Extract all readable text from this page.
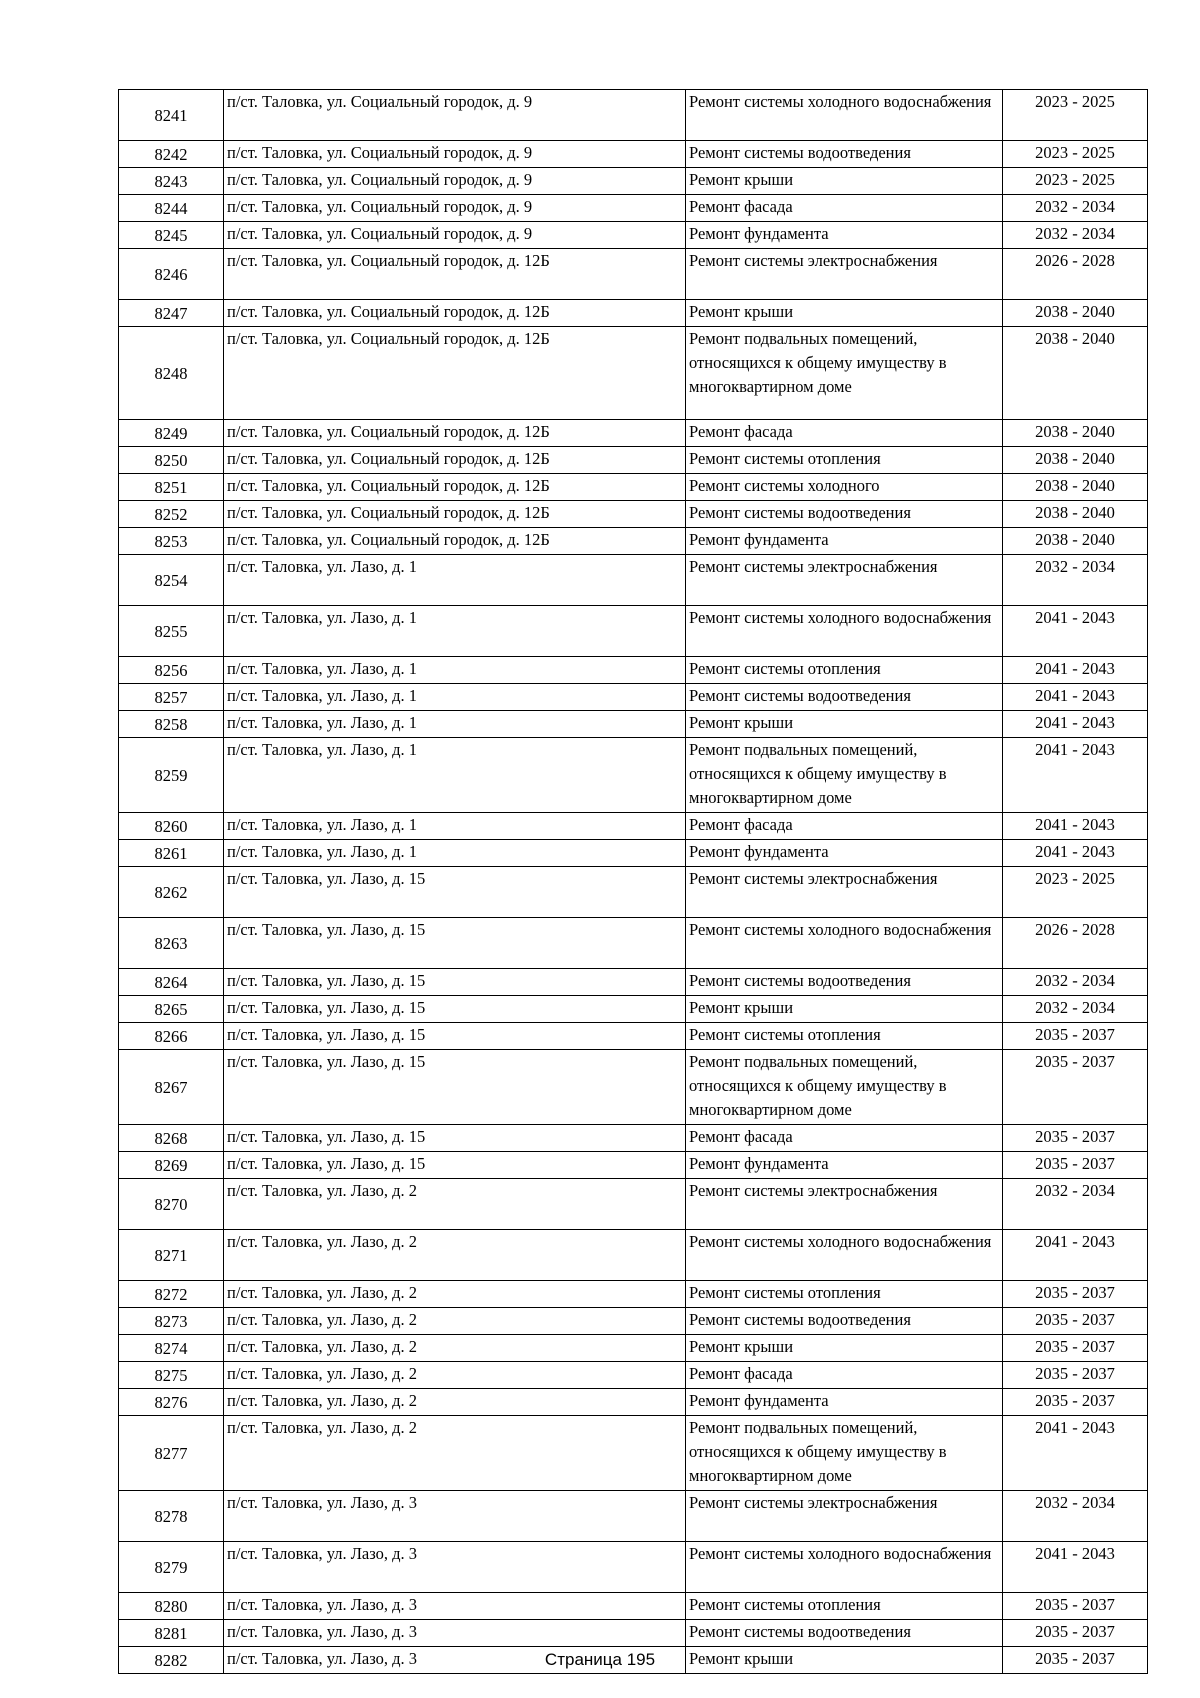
8241	п/ст. Таловка, ул. Социальный городок, д. 9	Ремонт системы холодного водоснабжения	2023 - 2025
8242	п/ст. Таловка, ул. Социальный городок, д. 9	Ремонт системы водоотведения	2023 - 2025
8243	п/ст. Таловка, ул. Социальный городок, д. 9	Ремонт крыши	2023 - 2025
8244	п/ст. Таловка, ул. Социальный городок, д. 9	Ремонт фасада	2032 - 2034
8245	п/ст. Таловка, ул. Социальный городок, д. 9	Ремонт фундамента	2032 - 2034
8246	п/ст. Таловка, ул. Социальный городок, д. 12Б	Ремонт системы электроснабжения	2026 - 2028
8247	п/ст. Таловка, ул. Социальный городок, д. 12Б	Ремонт крыши	2038 - 2040
8248	п/ст. Таловка, ул. Социальный городок, д. 12Б	Ремонт подвальных помещений, относящихся к общему имуществу в многоквартирном доме	2038 - 2040
8249	п/ст. Таловка, ул. Социальный городок, д. 12Б	Ремонт фасада	2038 - 2040
8250	п/ст. Таловка, ул. Социальный городок, д. 12Б	Ремонт системы отопления	2038 - 2040
8251	п/ст. Таловка, ул. Социальный городок, д. 12Б	Ремонт системы холодного	2038 - 2040
8252	п/ст. Таловка, ул. Социальный городок, д. 12Б	Ремонт системы водоотведения	2038 - 2040
8253	п/ст. Таловка, ул. Социальный городок, д. 12Б	Ремонт фундамента	2038 - 2040
8254	п/ст. Таловка, ул. Лазо, д. 1	Ремонт системы электроснабжения	2032 - 2034
8255	п/ст. Таловка, ул. Лазо, д. 1	Ремонт системы холодного водоснабжения	2041 - 2043
8256	п/ст. Таловка, ул. Лазо, д. 1	Ремонт системы отопления	2041 - 2043
8257	п/ст. Таловка, ул. Лазо, д. 1	Ремонт системы водоотведения	2041 - 2043
8258	п/ст. Таловка, ул. Лазо, д. 1	Ремонт крыши	2041 - 2043
8259	п/ст. Таловка, ул. Лазо, д. 1	Ремонт подвальных помещений, относящихся к общему имуществу в многоквартирном доме	2041 - 2043
8260	п/ст. Таловка, ул. Лазо, д. 1	Ремонт фасада	2041 - 2043
8261	п/ст. Таловка, ул. Лазо, д. 1	Ремонт фундамента	2041 - 2043
8262	п/ст. Таловка, ул. Лазо, д. 15	Ремонт системы электроснабжения	2023 - 2025
8263	п/ст. Таловка, ул. Лазо, д. 15	Ремонт системы холодного водоснабжения	2026 - 2028
8264	п/ст. Таловка, ул. Лазо, д. 15	Ремонт системы водоотведения	2032 - 2034
8265	п/ст. Таловка, ул. Лазо, д. 15	Ремонт крыши	2032 - 2034
8266	п/ст. Таловка, ул. Лазо, д. 15	Ремонт системы отопления	2035 - 2037
8267	п/ст. Таловка, ул. Лазо, д. 15	Ремонт подвальных помещений, относящихся к общему имуществу в многоквартирном доме	2035 - 2037
8268	п/ст. Таловка, ул. Лазо, д. 15	Ремонт фасада	2035 - 2037
8269	п/ст. Таловка, ул. Лазо, д. 15	Ремонт фундамента	2035 - 2037
8270	п/ст. Таловка, ул. Лазо, д. 2	Ремонт системы электроснабжения	2032 - 2034
8271	п/ст. Таловка, ул. Лазо, д. 2	Ремонт системы холодного водоснабжения	2041 - 2043
8272	п/ст. Таловка, ул. Лазо, д. 2	Ремонт системы отопления	2035 - 2037
8273	п/ст. Таловка, ул. Лазо, д. 2	Ремонт системы водоотведения	2035 - 2037
8274	п/ст. Таловка, ул. Лазо, д. 2	Ремонт крыши	2035 - 2037
8275	п/ст. Таловка, ул. Лазо, д. 2	Ремонт фасада	2035 - 2037
8276	п/ст. Таловка, ул. Лазо, д. 2	Ремонт фундамента	2035 - 2037
8277	п/ст. Таловка, ул. Лазо, д. 2	Ремонт подвальных помещений, относящихся к общему имуществу в многоквартирном доме	2041 - 2043
8278	п/ст. Таловка, ул. Лазо, д. 3	Ремонт системы электроснабжения	2032 - 2034
8279	п/ст. Таловка, ул. Лазо, д. 3	Ремонт системы холодного водоснабжения	2041 - 2043
8280	п/ст. Таловка, ул. Лазо, д. 3	Ремонт системы отопления	2035 - 2037
8281	п/ст. Таловка, ул. Лазо, д. 3	Ремонт системы водоотведения	2035 - 2037
8282	п/ст. Таловка, ул. Лазо, д. 3	Ремонт крыши	2035 - 2037
Страница 195
